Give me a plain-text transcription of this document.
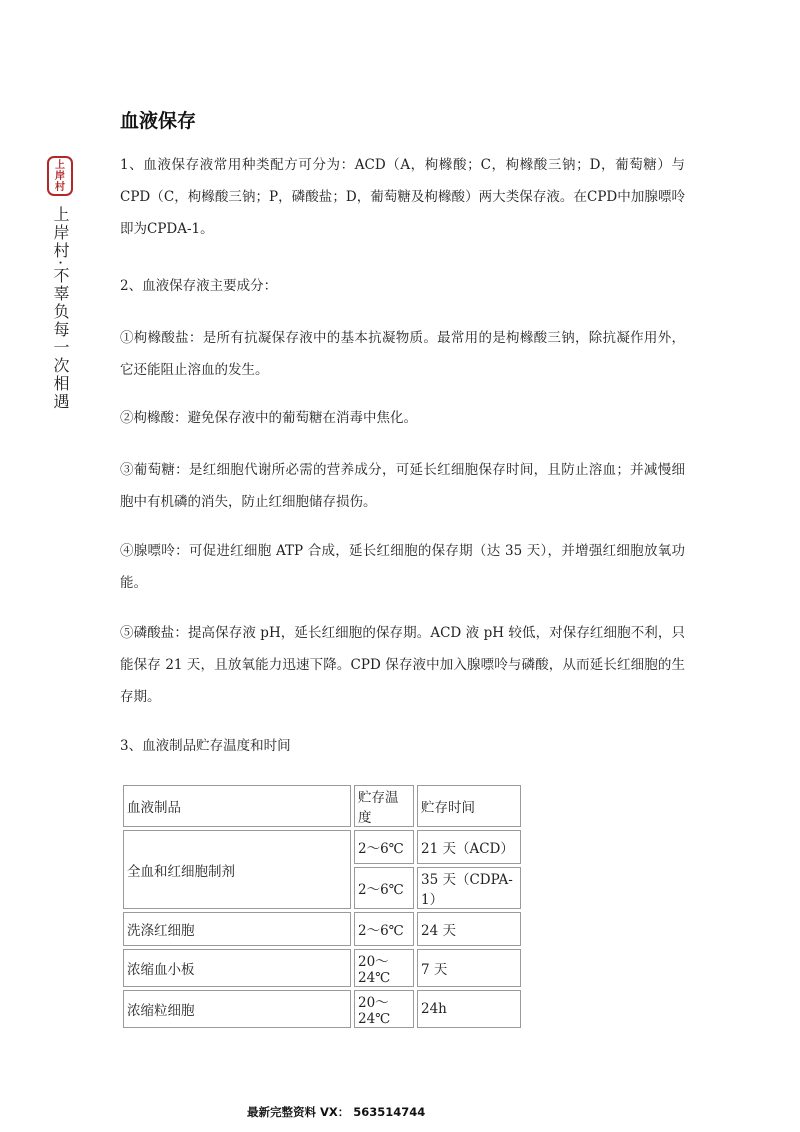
上
岸
村
上岸村·不辜负每一次相遇
血液保存

1、血液保存液常用种类配方可分为：ACD（A，枸橼酸；C，枸橼酸三钠；D，葡萄糖）与CPD（C，枸橼酸三钠；P，磷酸盐；D，葡萄糖及枸橼酸）两大类保存液。在CPD中加腺嘌呤即为CPDA-1。

2、血液保存液主要成分：

①枸橼酸盐：是所有抗凝保存液中的基本抗凝物质。最常用的是枸橼酸三钠，除抗凝作用外，它还能阻止溶血的发生。

②枸橼酸：避免保存液中的葡萄糖在消毒中焦化。

③葡萄糖：是红细胞代谢所必需的营养成分，可延长红细胞保存时间，且防止溶血；并减慢细胞中有机磷的消失，防止红细胞储存损伤。

④腺嘌呤：可促进红细胞 ATP 合成，延长红细胞的保存期（达 35 天），并增强红细胞放氧功能。

⑤磷酸盐：提高保存液 pH，延长红细胞的保存期。ACD 液 pH 较低，对保存红细胞不利，只能保存 21 天，且放氧能力迅速下降。CPD 保存液中加入腺嘌呤与磷酸，从而延长红细胞的生存期。

3、血液制品贮存温度和时间

血液制品	贮存温度	贮存时间
全血和红细胞制剂	2～6℃	21 天（ACD）
	2～6℃	35 天（CDPA-1）
洗涤红细胞	2～6℃	24 天
浓缩血小板	20～24℃	7 天
浓缩粒细胞	20～24℃	24h
最新完整资料 VX： 563514744
